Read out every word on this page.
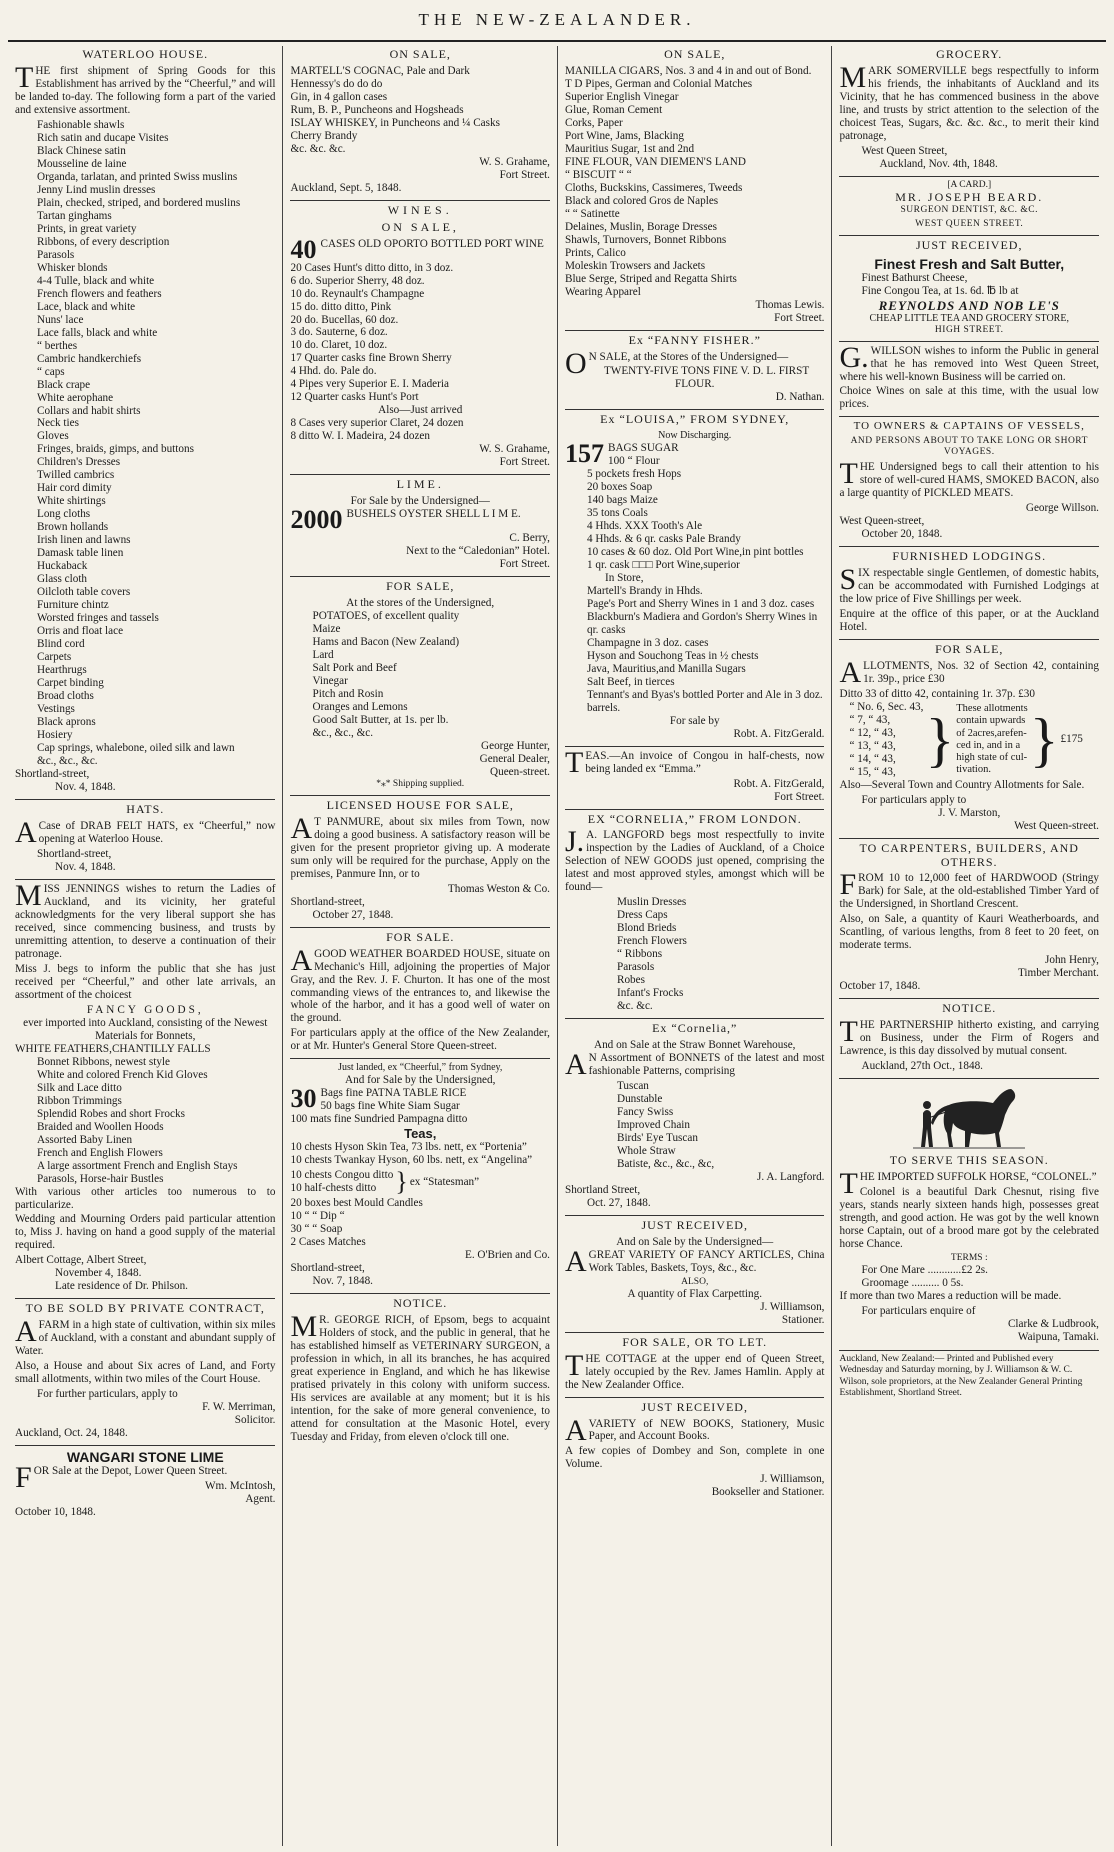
THE NEW-ZEALANDER.
WATERLOO HOUSE.

THE first shipment of Spring Goods for this Establishment has arrived by the “Cheerful,” and will be landed to-day. The following form a part of the varied and extensive assortment.

Fashionable shawls
Rich satin and ducape Visites
Black Chinese satin
Mousseline de laine
Organda, tarlatan, and printed Swiss muslins
Jenny Lind muslin dresses
Plain, checked, striped, and bordered muslins
Tartan ginghams
Prints, in great variety
Ribbons, of every description
Parasols
Whisker blonds
4-4 Tulle, black and white
French flowers and feathers
Lace, black and white
Nuns' lace
Lace falls, black and white
“ berthes
Cambric handkerchiefs
“ caps
Black crape
White aerophane
Collars and habit shirts
Neck ties
Gloves
Fringes, braids, gimps, and buttons
Children's Dresses
Twilled cambrics
Hair cord dimity
White shirtings
Long cloths
Brown hollands
Irish linen and lawns
Damask table linen
Huckaback
Glass cloth
Oilcloth table covers
Furniture chintz
Worsted fringes and tassels
Orris and float lace
Blind cord
Carpets
Hearthrugs
Carpet binding
Broad cloths
Vestings
Black aprons
Hosiery
Cap springs, whalebone, oiled silk and lawn
&c., &c., &c.
Shortland-street,
Nov. 4, 1848.
HATS.

ACase of DRAB FELT HATS, ex “Cheerful,” now opening at Waterloo House.

Shortland-street,
Nov. 4, 1848.

MISS JENNINGS wishes to return the Ladies of Auckland, and its vicinity, her grateful acknowledgments for the very liberal support she has received, since commencing business, and trusts by unremitting attention, to deserve a continuation of their patronage.

Miss J. begs to inform the public that she has just received per “Cheerful,” and other late arrivals, an assortment of the choicest

FANCY GOODS,
ever imported into Auckland, consisting of the Newest Materials for Bonnets,
WHITE FEATHERS,CHANTILLY FALLS
Bonnet Ribbons, newest style
White and colored French Kid Gloves
Silk and Lace ditto
Ribbon Trimmings
Splendid Robes and short Frocks
Braided and Woollen Hoods
Assorted Baby Linen
French and English Flowers
A large assortment French and English Stays
Parasols, Horse-hair Bustles

With various other articles too numerous to to particularize.

Wedding and Mourning Orders paid particular attention to, Miss J. having on hand a good supply of the material required.

Albert Cottage, Albert Street,
November 4, 1848.
Late residence of Dr. Philson.
TO BE SOLD BY PRIVATE CONTRACT,

AFARM in a high state of cultivation, within six miles of Auckland, with a constant and abundant supply of Water.

Also, a House and about Six acres of Land, and Forty small allotments, within two miles of the Court House.

For further particulars, apply to
F. W. Merriman,
Solicitor.
Auckland, Oct. 24, 1848.
WANGARI STONE LIME

FOR Sale at the Depot, Lower Queen Street.

Wm. McIntosh,
Agent.
October 10, 1848.
ON SALE,
MARTELL'S COGNAC, Pale and Dark
Hennessy's do do do
Gin, in 4 gallon cases
Rum, B. P., Puncheons and Hogsheads
ISLAY WHISKEY, in Puncheons and ¼ Casks
Cherry Brandy
&c. &c. &c.
W. S. Grahame,
Fort Street.
Auckland, Sept. 5, 1848.
WINES.
ON SALE,
40 CASES OLD OPORTO BOTTLED PORT WINE
20 Cases Hunt's ditto ditto, in 3 doz.
6 do. Superior Sherry, 48 doz.
10 do. Reynault's Champagne
15 do. ditto ditto, Pink
20 do. Bucellas, 60 doz.
3 do. Sauterne, 6 doz.
10 do. Claret, 10 doz.
17 Quarter casks fine Brown Sherry
4 Hhd. do. Pale do.
4 Pipes very Superior E. I. Maderia
12 Quarter casks Hunt's Port
Also—Just arrived
8 Cases very superior Claret, 24 dozen
8 ditto W. I. Madeira, 24 dozen
W. S. Grahame,
Fort Street.
LIME.
For Sale by the Undersigned—
2000 BUSHELS OYSTER SHELL L I M E.
C. Berry,
Next to the “Caledonian” Hotel.
Fort Street.
FOR SALE,
At the stores of the Undersigned,
POTATOES, of excellent quality
Maize
Hams and Bacon (New Zealand)
Lard
Salt Pork and Beef
Vinegar
Pitch and Rosin
Oranges and Lemons
Good Salt Butter, at 1s. per lb.
&c., &c., &c.
George Hunter,
General Dealer,
Queen-street.
*⁎* Shipping supplied.
LICENSED HOUSE FOR SALE,

AT PANMURE, about six miles from Town, now doing a good business. A satisfactory reason will be given for the present proprietor giving up. A moderate sum only will be required for the purchase, Apply on the premises, Panmure Inn, or to

Thomas Weston & Co.
Shortland-street,
October 27, 1848.
FOR SALE.

AGOOD WEATHER BOARDED HOUSE, situate on Mechanic's Hill, adjoining the properties of Major Gray, and the Rev. J. F. Churton. It has one of the most commanding views of the entrances to, and likewise the whole of the harbor, and it has a good well of water on the ground.

For particulars apply at the office of the New Zealander, or at Mr. Hunter's General Store Queen-street.

Just landed, ex “Cheerful,” from Sydney,
And for Sale by the Undersigned,
30 Bags fine PATNA TABLE RICE
50 bags fine White Siam Sugar
100 mats fine Sundried Pampagna ditto
Teas,
10 chests Hyson Skin Tea, 73 lbs. nett, ex “Portenia”
10 chests Twankay Hyson, 60 lbs. nett, ex “Angelina”
10 chests Congou ditto
10 half-chests ditto } ex “Statesman”
20 boxes best Mould Candles
10 “ “ Dip “
30 “ “ Soap
2 Cases Matches
E. O'Brien and Co.
Shortland-street,
Nov. 7, 1848.
NOTICE.

MR. GEORGE RICH, of Epsom, begs to acquaint Holders of stock, and the public in general, that he has established himself as VETERINARY SURGEON, a profession in which, in all its branches, he has acquired great experience in England, and which he has likewise pratised privately in this colony with uniform success. His services are available at any moment; but it is his intention, for the sake of more general convenience, to attend for consultation at the Masonic Hotel, every Tuesday and Friday, from eleven o'clock till one.

ON SALE,
MANILLA CIGARS, Nos. 3 and 4 in and out of Bond.
T D Pipes, German and Colonial Matches
Superior English Vinegar
Glue, Roman Cement
Corks, Paper
Port Wine, Jams, Blacking
Mauritius Sugar, 1st and 2nd
FINE FLOUR, VAN DIEMEN'S LAND
“ BISCUIT “ “
Cloths, Buckskins, Cassimeres, Tweeds
Black and colored Gros de Naples
“ “ Satinette
Delaines, Muslin, Borage Dresses
Shawls, Turnovers, Bonnet Ribbons
Prints, Calico
Moleskin Trowsers and Jackets
Blue Serge, Striped and Regatta Shirts
Wearing Apparel
Thomas Lewis.
Fort Street.
Ex “FANNY FISHER.”

ON SALE, at the Stores of the Undersigned—

TWENTY-FIVE TONS FINE V. D. L. FIRST FLOUR.
D. Nathan.
Ex “LOUISA,” FROM SYDNEY,
Now Discharging.
157 BAGS SUGAR
100 “ Flour
5 pockets fresh Hops
20 boxes Soap
140 bags Maize
35 tons Coals
4 Hhds. XXX Tooth's Ale
4 Hhds. & 6 qr. casks Pale Brandy
10 cases & 60 doz. Old Port Wine,in pint bottles
1 qr. cask □□□ Port Wine,superior
In Store,
Martell's Brandy in Hhds.
Page's Port and Sherry Wines in 1 and 3 doz. cases
Blackburn's Madiera and Gordon's Sherry Wines in qr. casks
Champagne in 3 doz. cases
Hyson and Souchong Teas in ½ chests
Java, Mauritius,and Manilla Sugars
Salt Beef, in tierces
Tennant's and Byas's bottled Porter and Ale in 3 doz. barrels.
For sale by
Robt. A. FitzGerald.

TEAS.—An invoice of Congou in half-chests, now being landed ex “Emma.”

Robt. A. FitzGerald,
Fort Street.
EX “CORNELIA,” FROM LONDON.

J.A. LANGFORD begs most respectfully to invite inspection by the Ladies of Auckland, of a Choice Selection of NEW GOODS just opened, comprising the latest and most approved styles, amongst which will be found—

Muslin Dresses
Dress Caps
Blond Brieds
French Flowers
“ Ribbons
Parasols
Robes
Infant's Frocks
&c. &c.
Ex “Cornelia,”
And on Sale at the Straw Bonnet Warehouse,

AN Assortment of BONNETS of the latest and most fashionable Patterns, comprising

Tuscan
Dunstable
Fancy Swiss
Improved Chain
Birds' Eye Tuscan
Whole Straw
Batiste, &c., &c., &c,
J. A. Langford.
Shortland Street,
Oct. 27, 1848.
JUST RECEIVED,
And on Sale by the Undersigned—

AGREAT VARIETY OF FANCY ARTICLES, China Work Tables, Baskets, Toys, &c., &c.

ALSO,
A quantity of Flax Carpetting.
J. Williamson,
Stationer.
FOR SALE, OR TO LET.

THE COTTAGE at the upper end of Queen Street, lately occupied by the Rev. James Hamlin. Apply at the New Zealander Office.

JUST RECEIVED,

AVARIETY of NEW BOOKS, Stationery, Music Paper, and Account Books.

A few copies of Dombey and Son, complete in one Volume.

J. Williamson,
Bookseller and Stationer.
GROCERY.

MARK SOMERVILLE begs respectfully to inform his friends, the inhabitants of Auckland and its Vicinity, that he has commenced business in the above line, and trusts by strict attention to the selection of the choicest Teas, Sugars, &c. &c. &c., to merit their kind patronage,

West Queen Street,
Auckland, Nov. 4th, 1848.
[A CARD.]
MR. JOSEPH BEARD.
SURGEON DENTIST, &C. &C.
WEST QUEEN STREET.
JUST RECEIVED,
Finest Fresh and Salt Butter,
Finest Bathurst Cheese,
Fine Congou Tea, at 1s. 6d. ℔ lb at
REYNOLDS AND NOB LE'S
CHEAP LITTLE TEA AND GROCERY STORE,
HIGH STREET.

G.WILLSON wishes to inform the Public in general that he has removed into West Queen Street, where his well-known Business will be carried on.

Choice Wines on sale at this time, with the usual low prices.

TO OWNERS & CAPTAINS OF VESSELS,
AND PERSONS ABOUT TO TAKE LONG OR SHORT VOYAGES.

THE Undersigned begs to call their attention to his store of well-cured HAMS, SMOKED BACON, also a large quantity of PICKLED MEATS.

George Willson.
West Queen-street,
October 20, 1848.
FURNISHED LODGINGS.

SIX respectable single Gentlemen, of domestic habits, can be accommodated with Furnished Lodgings at the low price of Five Shillings per week.

Enquire at the office of this paper, or at the Auckland Hotel.

FOR SALE,

ALLOTMENTS, Nos. 32 of Section 42, containing 1r. 39p., price £30

Ditto 33 of ditto 42, containing 1r. 37p. £30
“ No. 6, Sec. 43,
“ 7, “ 43,
“ 12, “ 43,
“ 13, “ 43,
“ 14, “ 43,
“ 15, “ 43, } These allotments
contain upwards
of 2acres,arefen-
ced in, and in a
high state of cul-
tivation. } £175

Also—Several Town and Country Allotments for Sale.

For particulars apply to
J. V. Marston,
West Queen-street.
TO CARPENTERS, BUILDERS, AND OTHERS.

FROM 10 to 12,000 feet of HARDWOOD (Stringy Bark) for Sale, at the old-established Timber Yard of the Undersigned, in Shortland Crescent.

Also, on Sale, a quantity of Kauri Weatherboards, and Scantling, of various lengths, from 8 feet to 20 feet, on moderate terms.

John Henry,
Timber Merchant.
October 17, 1848.
NOTICE.

THE PARTNERSHIP hitherto existing, and carrying on Business, under the Firm of Rogers and Lawrence, is this day dissolved by mutual consent.

Auckland, 27th Oct., 1848.
TO SERVE THIS SEASON.

THE IMPORTED SUFFOLK HORSE, “COLONEL.”

Colonel is a beautiful Dark Chesnut, rising five years, stands nearly sixteen hands high, possesses great strength, and good action. He was got by the well known horse Captain, out of a brood mare got by the celebrated horse Chance.

TERMS :
For One Mare ............£2 2s.
Groomage .......... 0 5s.

If more than two Mares a reduction will be made.

For particulars enquire of
Clarke & Ludbrook,
Waipuna, Tamaki.
Auckland, New Zealand:— Printed and Published every Wednesday and Saturday morning, by J. Williamson & W. C. Wilson, sole proprietors, at the New Zealander General Printing Establishment, Shortland Street.
